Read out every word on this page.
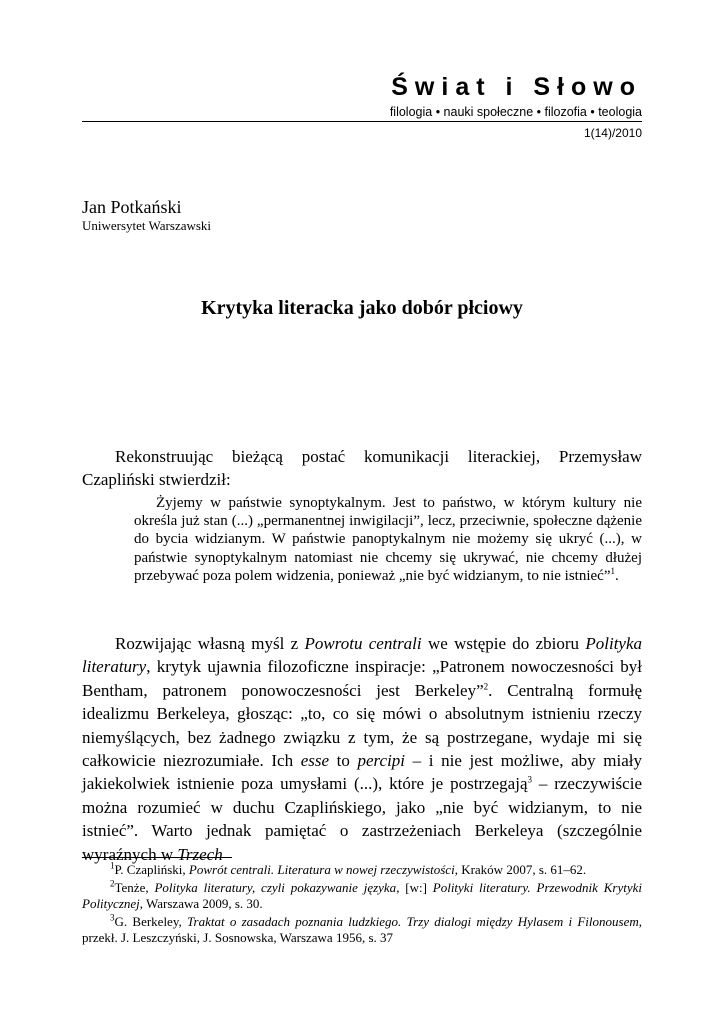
Świat i Słowo
filologia • nauki społeczne • filozofia • teologia
1(14)/2010
Jan Potkański
Uniwersytet Warszawski
Krytyka literacka jako dobór płciowy

Rekonstruując bieżącą postać komunikacji literackiej, Przemysław Czapliński stwierdził:

Żyjemy w państwie synoptykalnym. Jest to państwo, w którym kultury nie określa już stan (...) „permanentnej inwigilacji”, lecz, przeciwnie, społeczne dążenie do bycia widzianym. W państwie panoptykalnym nie możemy się ukryć (...), w państwie synoptykalnym natomiast nie chcemy się ukrywać, nie chcemy dłużej przebywać poza polem widzenia, ponieważ „nie być widzianym, to nie istnieć”$^1$.

Rozwijając własną myśl z Powrotu centrali we wstępie do zbioru Polityka literatury, krytyk ujawnia filozoficzne inspiracje: „Patronem nowoczesności był Bentham, patronem ponowoczesności jest Berkeley”$^2$. Centralną formułę idealizmu Berkeleya, głosząc: „to, co się mówi o absolutnym istnieniu rzeczy niemyślących, bez żadnego związku z tym, że są postrzegane, wydaje mi się całkowicie niezrozumiałe. Ich esse to percipi – i nie jest możliwe, aby miały jakiekolwiek istnienie poza umysłami (...), które je postrzegają$^3$ – rzeczywiście można rozumieć w duchu Czaplińskiego, jako „nie być widzianym, to nie istnieć”. Warto jednak pamiętać o zastrzeżeniach Berkeleya (szczególnie wyraźnych w Trzech

$^1$P. Czapliński, Powrót centrali. Literatura w nowej rzeczywistości, Kraków 2007, s. 61–62.

$^2$Tenże, Polityka literatury, czyli pokazywanie języka, [w:] Polityki literatury. Przewodnik Krytyki Politycznej, Warszawa 2009, s. 30.

$^3$G. Berkeley, Traktat o zasadach poznania ludzkiego. Trzy dialogi między Hylasem i Filonousem, przekł. J. Leszczyński, J. Sosnowska, Warszawa 1956, s. 37
